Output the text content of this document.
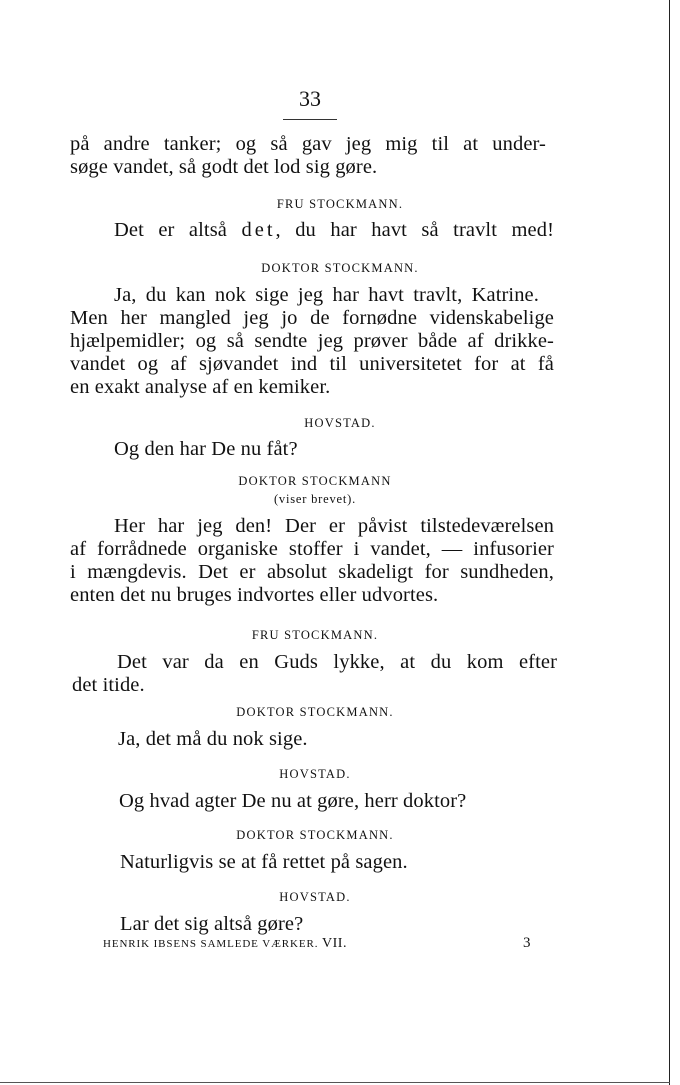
33
på andre tanker; og så gav jeg mig til at under-
søge vandet, så godt det lod sig gøre.
FRU STOCKMANN.
Det er altså det, du har havt så travlt med!
DOKTOR STOCKMANN.
Ja, du kan nok sige jeg har havt travlt, Katrine.
Men her mangled jeg jo de fornødne videnskabelige
hjælpemidler; og så sendte jeg prøver både af drikke-
vandet og af sjøvandet ind til universitetet for at få
en exakt analyse af en kemiker.
HOVSTAD.
Og den har De nu fåt?
DOKTOR STOCKMANN
(viser brevet).
Her har jeg den! Der er påvist tilstedeværelsen
af forrådnede organiske stoffer i vandet, — infusorier
i mængdevis. Det er absolut skadeligt for sundheden,
enten det nu bruges indvortes eller udvortes.
FRU STOCKMANN.
Det var da en Guds lykke, at du kom efter
det itide.
DOKTOR STOCKMANN.
Ja, det må du nok sige.
HOVSTAD.
Og hvad agter De nu at gøre, herr doktor?
DOKTOR STOCKMANN.
Naturligvis se at få rettet på sagen.
HOVSTAD.
Lar det sig altså gøre?
HENRIK IBSENS SAMLEDE VÆRKER. VII.	3
